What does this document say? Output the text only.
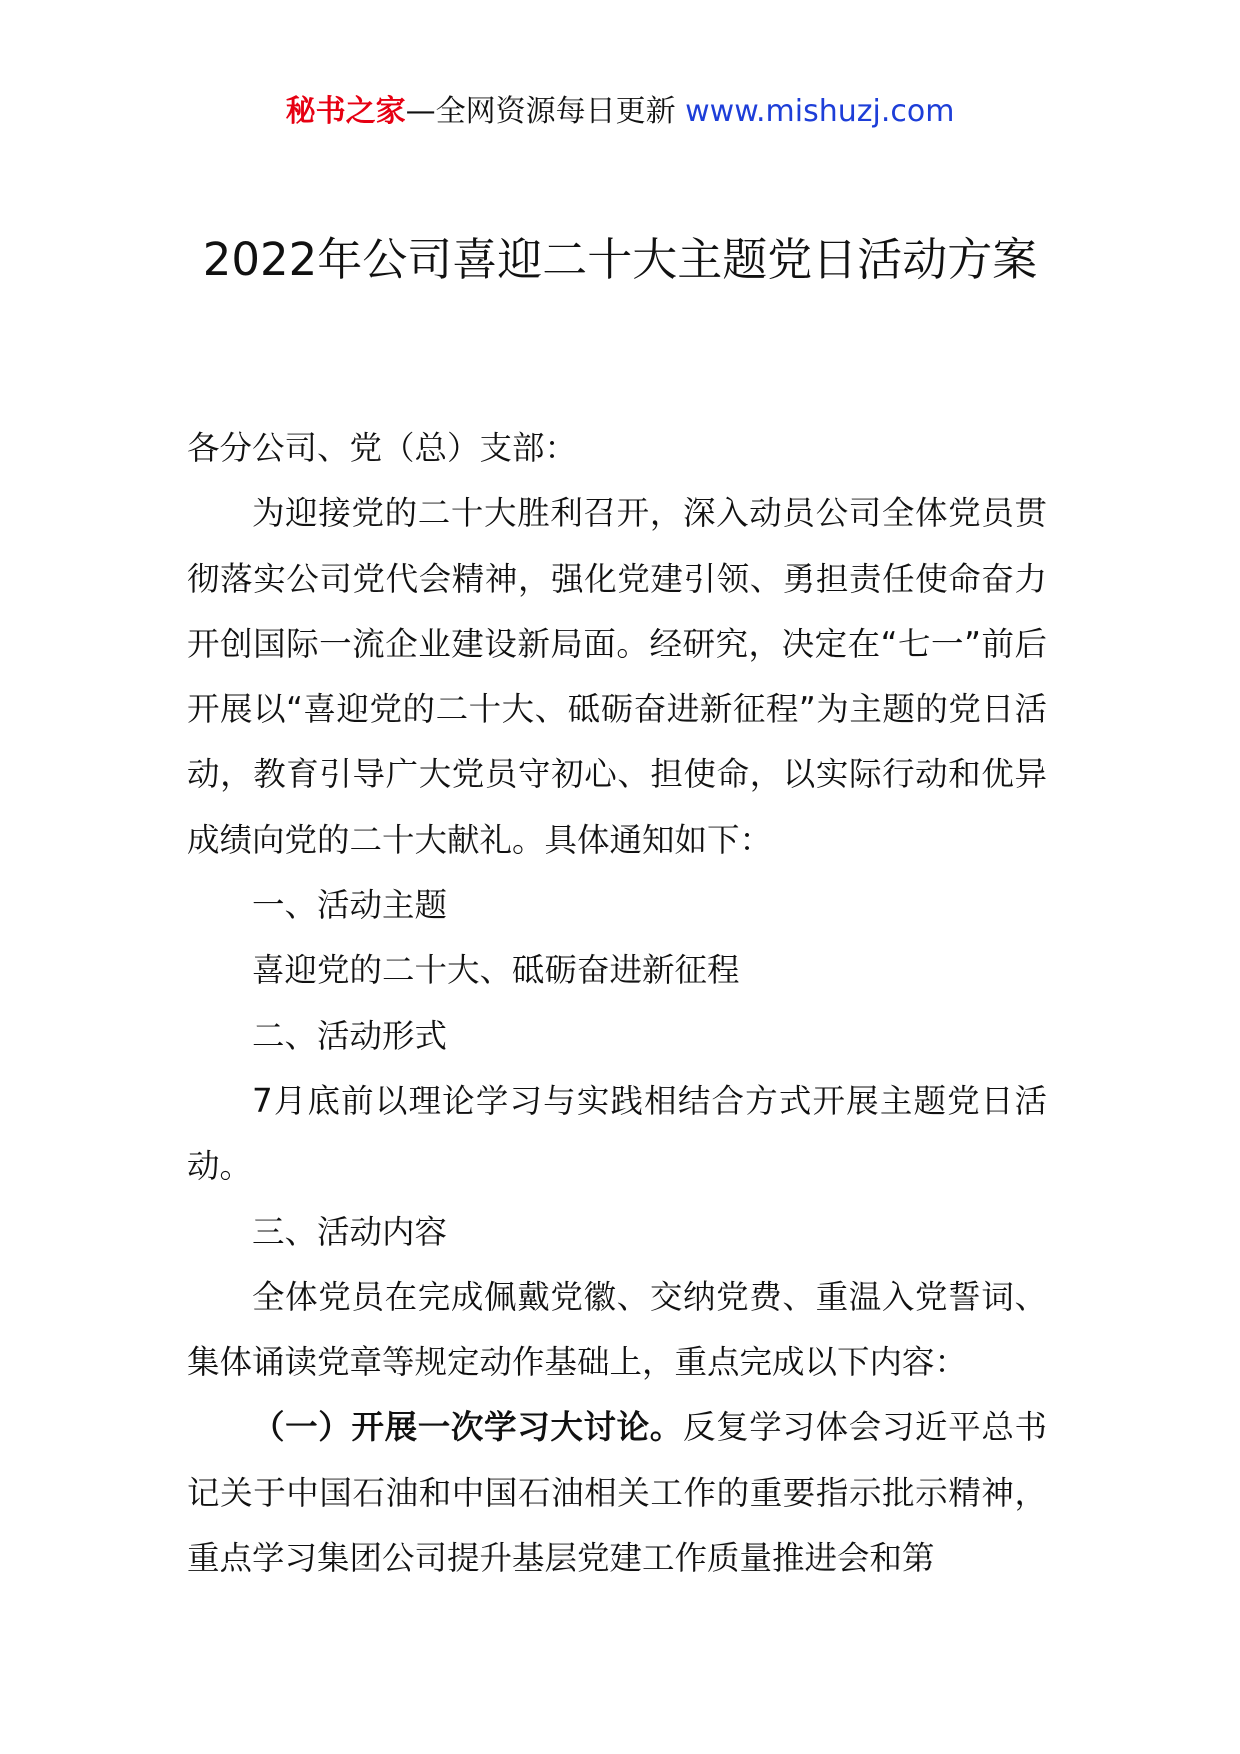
秘书之家—全网资源每日更新 www.mishuzj.com
2022年公司喜迎二十大主题党日活动方案

各分公司、党（总）支部：

为迎接党的二十大胜利召开，深入动员公司全体党员贯彻落实公司党代会精神，强化党建引领、勇担责任使命奋力开创国际一流企业建设新局面。经研究，决定在“七一”前后开展以“喜迎党的二十大、砥砺奋进新征程”为主题的党日活动，教育引导广大党员守初心、担使命，以实际行动和优异成绩向党的二十大献礼。具体通知如下：

一、活动主题

喜迎党的二十大、砥砺奋进新征程

二、活动形式

7月底前以理论学习与实践相结合方式开展主题党日活动。

三、活动内容

全体党员在完成佩戴党徽、交纳党费、重温入党誓词、集体诵读党章等规定动作基础上，重点完成以下内容：

（一）开展一次学习大讨论。反复学习体会习近平总书记关于中国石油和中国石油相关工作的重要指示批示精神，重点学习集团公司提升基层党建工作质量推进会和第
